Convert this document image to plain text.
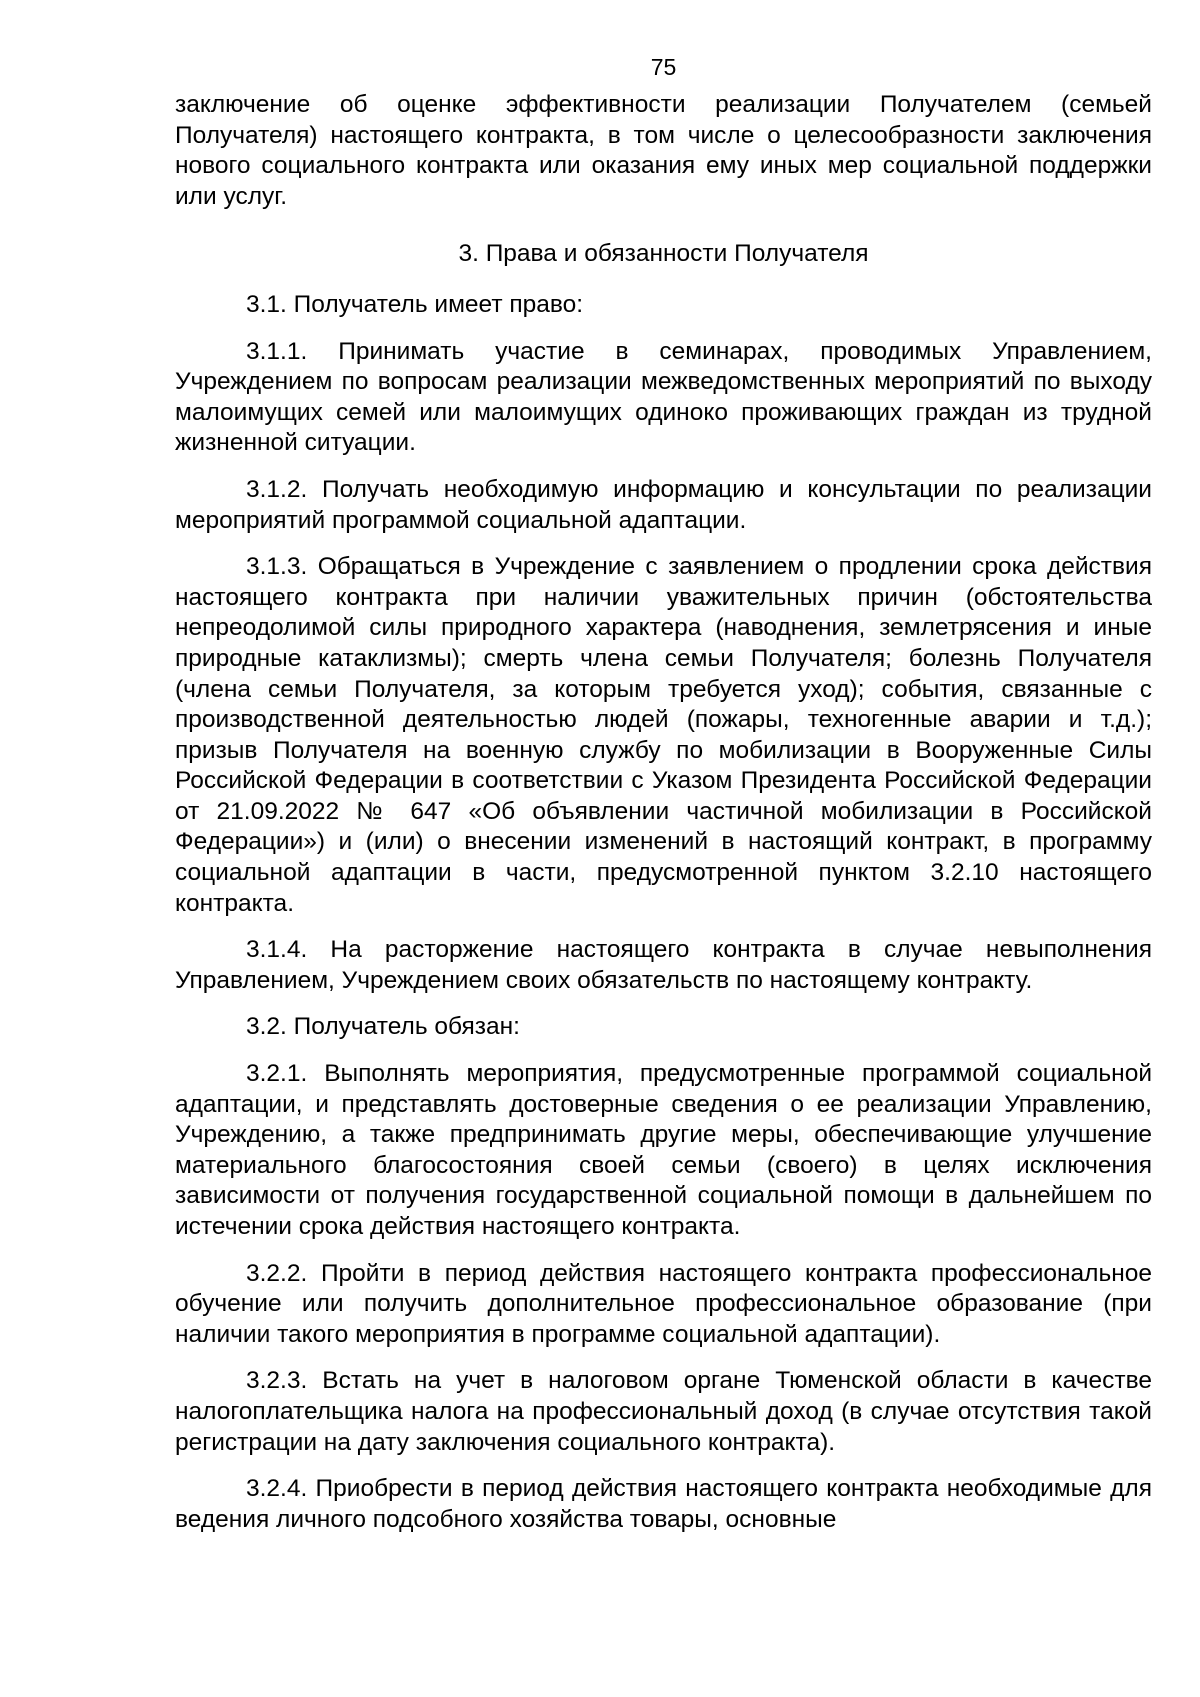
75

заключение об оценке эффективности реализации Получателем (семьей Получателя) настоящего контракта, в том числе о целесообразности заключения нового социального контракта или оказания ему иных мер социальной поддержки или услуг.

3. Права и обязанности Получателя

3.1. Получатель имеет право:

3.1.1. Принимать участие в семинарах, проводимых Управлением, Учреждением по вопросам реализации межведомственных мероприятий по выходу малоимущих семей или малоимущих одиноко проживающих граждан из трудной жизненной ситуации.

3.1.2. Получать необходимую информацию и консультации по реализации мероприятий программой социальной адаптации.

3.1.3. Обращаться в Учреждение с заявлением о продлении срока действия настоящего контракта при наличии уважительных причин (обстоятельства непреодолимой силы природного характера (наводнения, землетрясения и иные природные катаклизмы); смерть члена семьи Получателя; болезнь Получателя (члена семьи Получателя, за которым требуется уход); события, связанные с производственной деятельностью людей (пожары, техногенные аварии и т.д.); призыв Получателя на военную службу по мобилизации в Вооруженные Силы Российской Федерации в соответствии с Указом Президента Российской Федерации от 21.09.2022 № 647 «Об объявлении частичной мобилизации в Российской Федерации») и (или) о внесении изменений в настоящий контракт, в программу социальной адаптации в части, предусмотренной пунктом 3.2.10 настоящего контракта.

3.1.4. На расторжение настоящего контракта в случае невыполнения Управлением, Учреждением своих обязательств по настоящему контракту.

3.2. Получатель обязан:

3.2.1. Выполнять мероприятия, предусмотренные программой социальной адаптации, и представлять достоверные сведения о ее реализации Управлению, Учреждению, а также предпринимать другие меры, обеспечивающие улучшение материального благосостояния своей семьи (своего) в целях исключения зависимости от получения государственной социальной помощи в дальнейшем по истечении срока действия настоящего контракта.

3.2.2. Пройти в период действия настоящего контракта профессиональное обучение или получить дополнительное профессиональное образование (при наличии такого мероприятия в программе социальной адаптации).

3.2.3. Встать на учет в налоговом органе Тюменской области в качестве налогоплательщика налога на профессиональный доход (в случае отсутствия такой регистрации на дату заключения социального контракта).

3.2.4. Приобрести в период действия настоящего контракта необходимые для ведения личного подсобного хозяйства товары, основные
